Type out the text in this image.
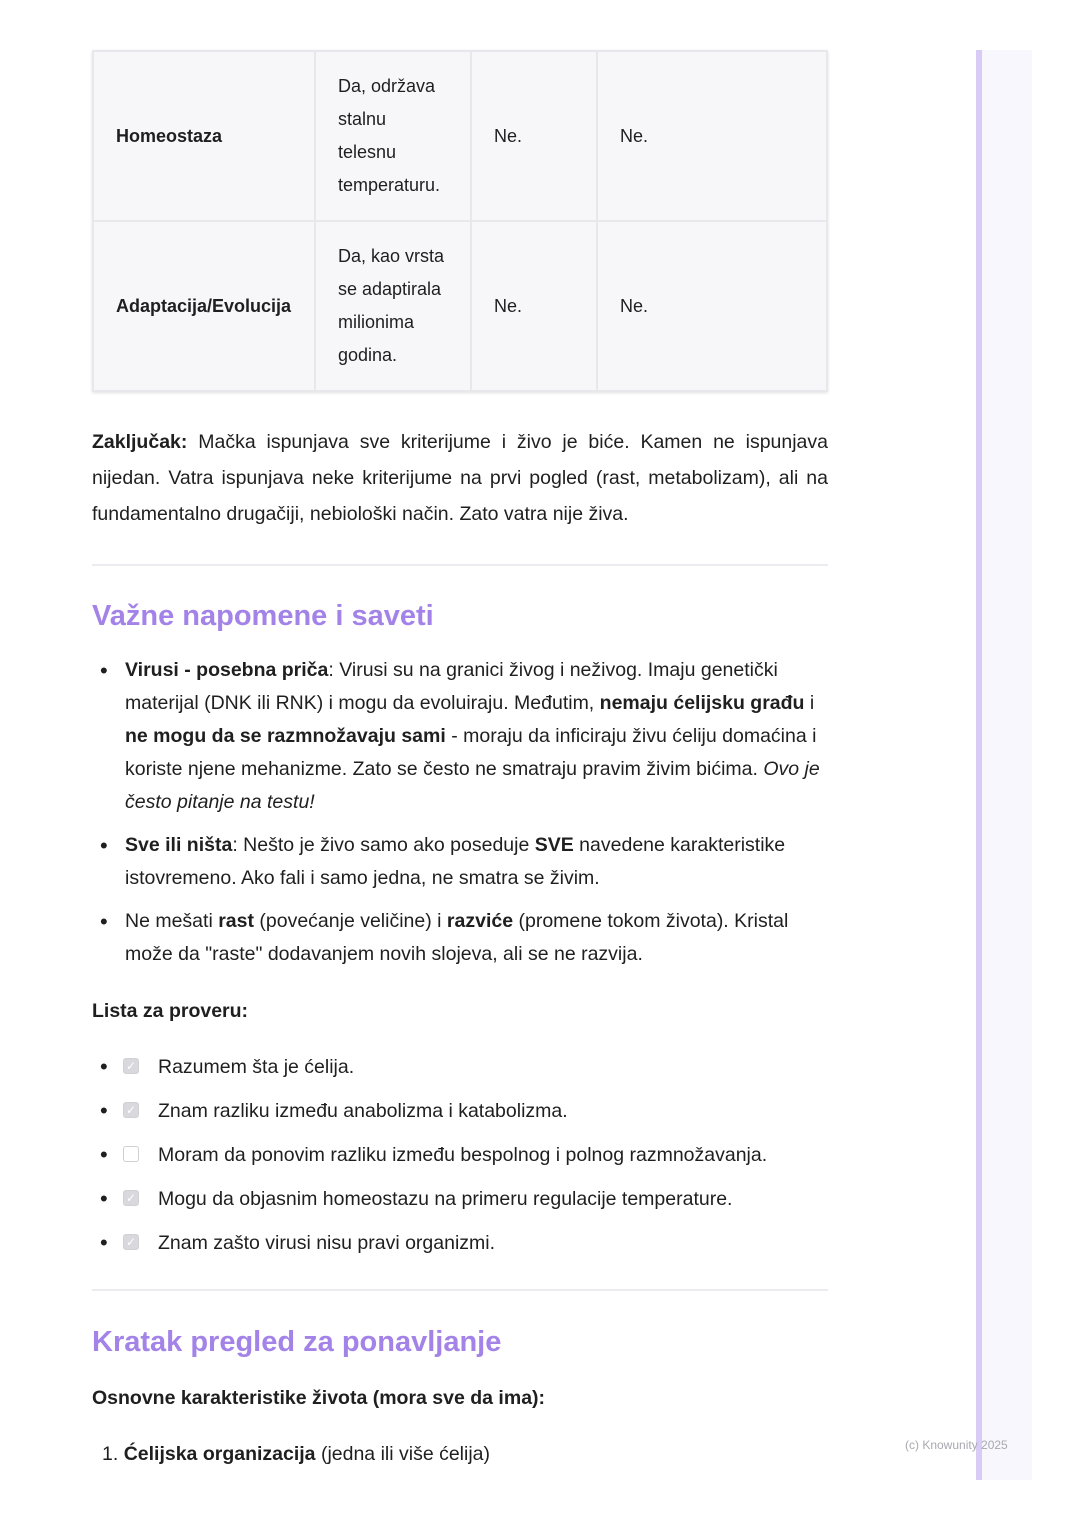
Homeostaza	Da, održava stalnu telesnu temperaturu.	Ne.	Ne.
Adaptacija/Evolucija	Da, kao vrsta se adaptirala milionima godina.	Ne.	Ne.

Zaključak: Mačka ispunjava sve kriterijume i živo je biće. Kamen ne ispunjava nijedan. Vatra ispunjava neke kriterijume na prvi pogled (rast, metabolizam), ali na fundamentalno drugačiji, nebiološki način. Zato vatra nije živa.

Važne napomene i saveti
• Virusi - posebna priča: Virusi su na granici živog i neživog. Imaju genetički materijal (DNK ili RNK) i mogu da evoluiraju. Međutim, nemaju ćelijsku građu i ne mogu da se razmnožavaju sami - moraju da inficiraju živu ćeliju domaćina i koriste njene mehanizme. Zato se često ne smatraju pravim živim bićima. Ovo je često pitanje na testu!
• Sve ili ništa: Nešto je živo samo ako poseduje SVE navedene karakteristike istovremeno. Ako fali i samo jedna, ne smatra se živim.
• Ne mešati rast (povećanje veličine) i razviće (promene tokom života). Kristal može da "raste" dodavanjem novih slojeva, ali se ne razvija.
Lista za proveru:
• ✓ Razumem šta je ćelija.
• ✓ Znam razliku između anabolizma i katabolizma.
• Moram da ponovim razliku između bespolnog i polnog razmnožavanja.
• ✓ Mogu da objasnim homeostazu na primeru regulacije temperature.
• ✓ Znam zašto virusi nisu pravi organizmi.
Kratak pregled za ponavljanje
Osnovne karakteristike života (mora sve da ima):
1. Ćelijska organizacija (jedna ili više ćelija)	(c) Knowunity 2025
